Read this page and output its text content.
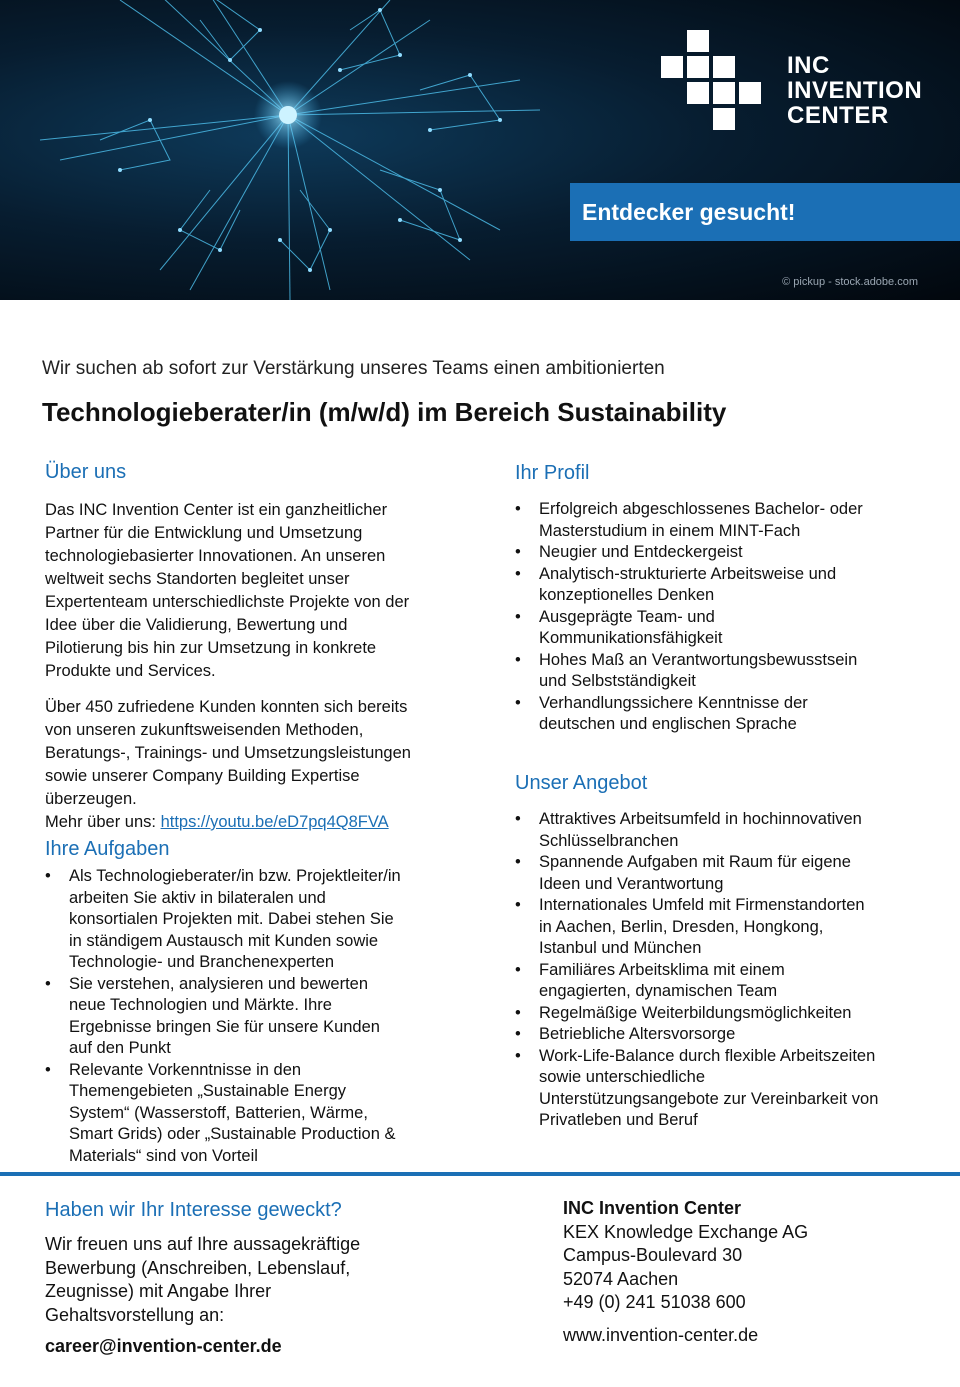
INC
INVENTION
CENTER
Entdecker gesucht!
© pickup - stock.adobe.com
Wir suchen ab sofort zur Verstärkung unseres Teams einen ambitionierten
Technologieberater/in (m/w/d) im Bereich Sustainability
Über uns
Das INC Invention Center ist ein ganzheitlicher
Partner für die Entwicklung und Umsetzung
technologiebasierter Innovationen. An unseren
weltweit sechs Standorten begleitet unser
Expertenteam unterschiedlichste Projekte von der
Idee über die Validierung, Bewertung und
Pilotierung bis hin zur Umsetzung in konkrete
Produkte und Services.
Über 450 zufriedene Kunden konnten sich bereits
von unseren zukunftsweisenden Methoden,
Beratungs-, Trainings- und Umsetzungsleistungen
sowie unserer Company Building Expertise
überzeugen.
Mehr über uns: https://youtu.be/eD7pq4Q8FVA
Ihre Aufgaben
• Als Technologieberater/in bzw. Projektleiter/in
arbeiten Sie aktiv in bilateralen und
konsortialen Projekten mit. Dabei stehen Sie
in ständigem Austausch mit Kunden sowie
Technologie- und Branchenexperten
• Sie verstehen, analysieren und bewerten
neue Technologien und Märkte. Ihre
Ergebnisse bringen Sie für unsere Kunden
auf den Punkt
• Relevante Vorkenntnisse in den
Themengebieten „Sustainable Energy
System“ (Wasserstoff, Batterien, Wärme,
Smart Grids) oder „Sustainable Production &
Materials“ sind von Vorteil
Ihr Profil
• Erfolgreich abgeschlossenes Bachelor- oder
Masterstudium in einem MINT-Fach
• Neugier und Entdeckergeist
• Analytisch-strukturierte Arbeitsweise und
konzeptionelles Denken
• Ausgeprägte Team- und
Kommunikationsfähigkeit
• Hohes Maß an Verantwortungsbewusstsein
und Selbstständigkeit
• Verhandlungssichere Kenntnisse der
deutschen und englischen Sprache
Unser Angebot
• Attraktives Arbeitsumfeld in hochinnovativen
Schlüsselbranchen
• Spannende Aufgaben mit Raum für eigene
Ideen und Verantwortung
• Internationales Umfeld mit Firmenstandorten
in Aachen, Berlin, Dresden, Hongkong,
Istanbul und München
• Familiäres Arbeitsklima mit einem
engagierten, dynamischen Team
• Regelmäßige Weiterbildungsmöglichkeiten
• Betriebliche Altersvorsorge
• Work-Life-Balance durch flexible Arbeitszeiten
sowie unterschiedliche
Unterstützungsangebote zur Vereinbarkeit von
Privatleben und Beruf
Haben wir Ihr Interesse geweckt?
Wir freuen uns auf Ihre aussagekräftige
Bewerbung (Anschreiben, Lebenslauf,
Zeugnisse) mit Angabe Ihrer
Gehaltsvorstellung an:
career@invention-center.de
INC Invention Center
KEX Knowledge Exchange AG
Campus-Boulevard 30
52074 Aachen
+49 (0) 241 51038 600
www.invention-center.de
